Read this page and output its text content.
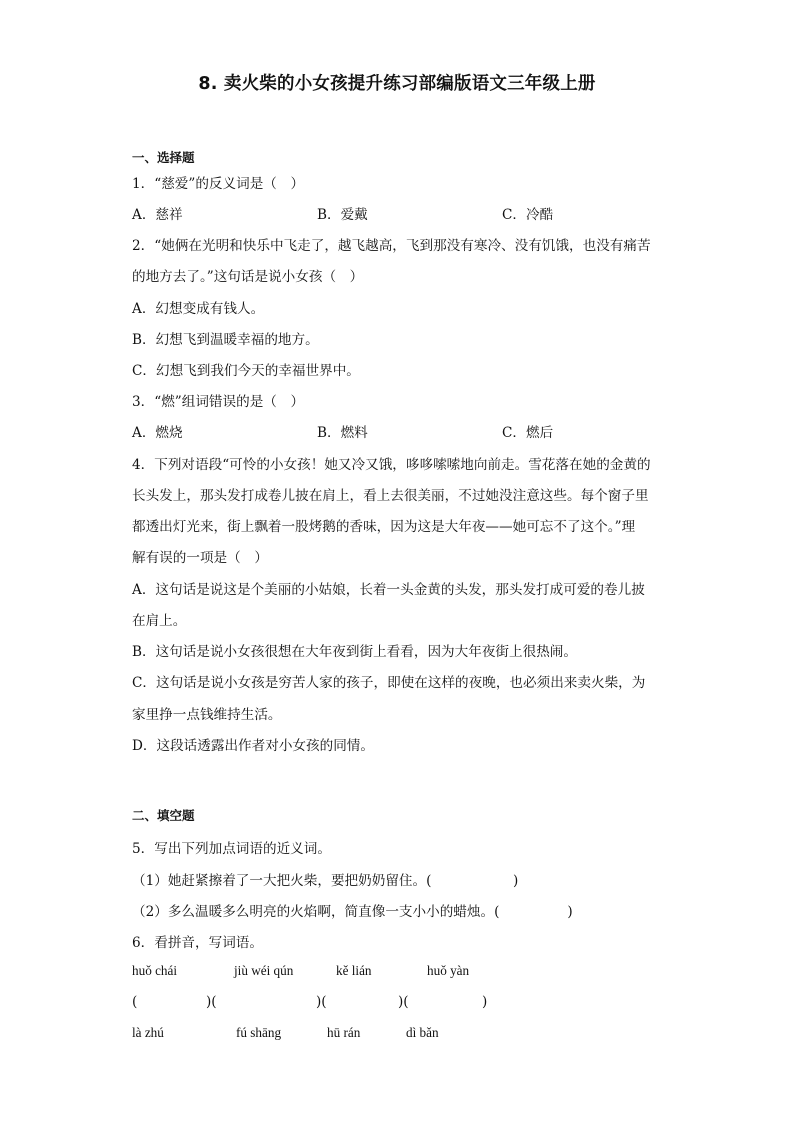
8. 卖火柴的小女孩提升练习部编版语文三年级上册
一、选择题
1．“慈爱”的反义词是（　）
A．慈祥	B．爱戴	C．冷酷
2．“她俩在光明和快乐中飞走了，越飞越高，飞到那没有寒冷、没有饥饿，也没有痛苦
的地方去了。”这句话是说小女孩（　）
A．幻想变成有钱人。
B．幻想飞到温暖幸福的地方。
C．幻想飞到我们今天的幸福世界中。
3．“燃”组词错误的是（　）
A．燃烧	B．燃料	C．燃后
4．下列对语段“可怜的小女孩！她又冷又饿，哆哆嗦嗦地向前走。雪花落在她的金黄的
长头发上，那头发打成卷儿披在肩上，看上去很美丽，不过她没注意这些。每个窗子里
都透出灯光来，街上飘着一股烤鹅的香味，因为这是大年夜——她可忘不了这个。”理
解有误的一项是（　）
A．这句话是说这是个美丽的小姑娘，长着一头金黄的头发，那头发打成可爱的卷儿披
在肩上。
B．这句话是说小女孩很想在大年夜到街上看看，因为大年夜街上很热闹。
C．这句话是说小女孩是穷苦人家的孩子，即使在这样的夜晚，也必须出来卖火柴，为
家里挣一点钱维持生活。
D．这段话透露出作者对小女孩的同情。
二、填空题
5．写出下列加点词语的近义词。
（1）她赶紧擦着了一大把火柴，要把奶奶留住。(　　　　　　)
（2）多么温暖多么明亮的火焰啊，简直像一支小小的蜡烛。(　　　　　)
6．看拼音，写词语。
huǒ chái	jiù wéi qún	kě lián	huǒ yàn
(	)(	)(	)(	)
là zhú	fú shāng	hū rán	dì bǎn
